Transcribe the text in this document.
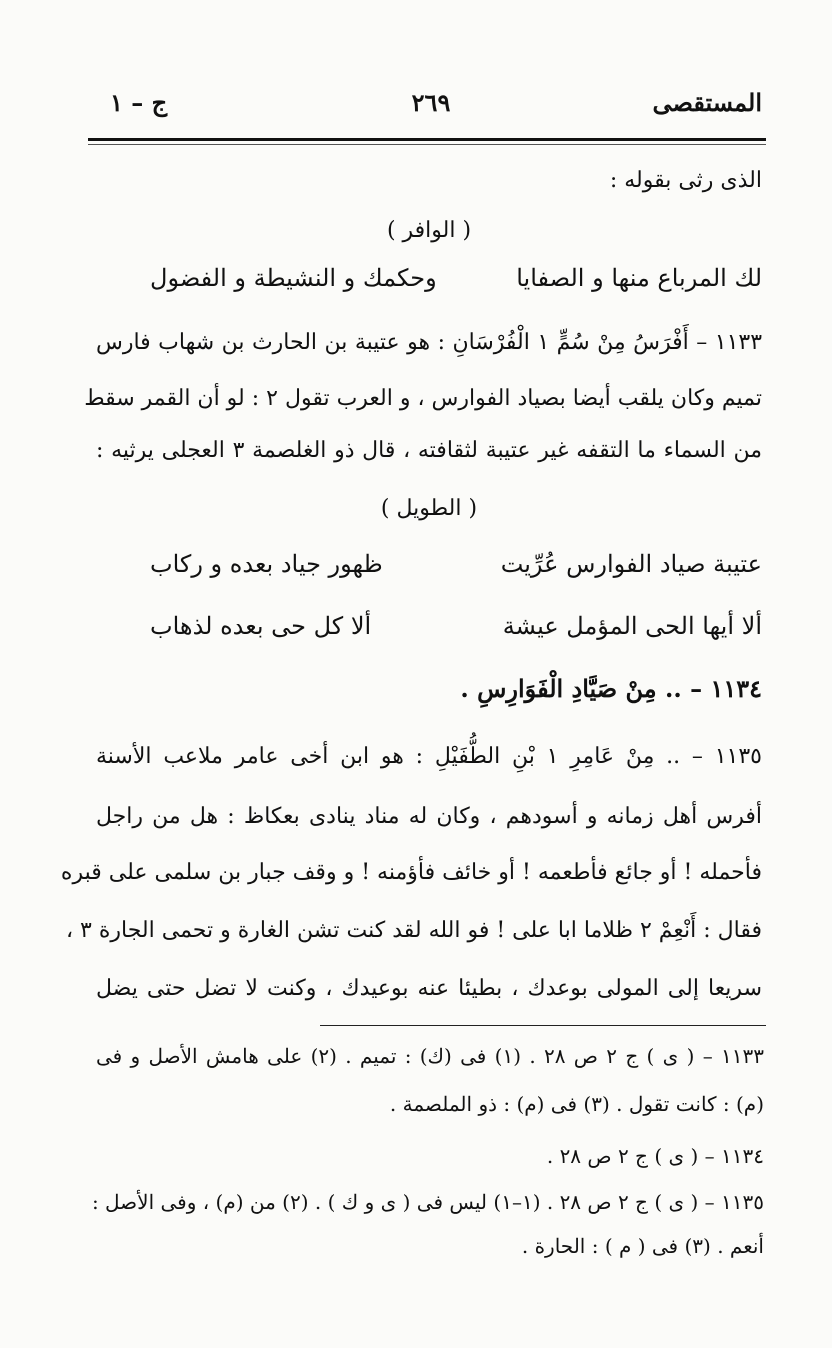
المستقصى
٢٦٩
ج – ١
الذى رثى بقوله :
( الوافر )
لك المرباع منها و الصفايا
وحكمك و النشيطة و الفضول
١١٣٣ – أَفْرَسُ مِنْ سُمٍّ ١ الْفُرْسَانِ : هو عتيبة بن الحارث بن شهاب فارس
تميم وكان يلقب أيضا بصياد الفوارس ، و العرب تقول ٢ : لو أن القمر سقط
من السماء ما التقفه غير عتيبة لثقافته ، قال ذو الغلصمة ٣ العجلى يرثيه :
( الطويل )
عتيبة صياد الفوارس عُرِّيت
ظهور جياد بعده و ركاب
ألا أيها الحى المؤمل عيشة
ألا كل حى بعده لذهاب
١١٣٤ – .. مِنْ صَيَّادِ الْفَوَارِسِ .
١١٣٥ – .. مِنْ عَامِرِ ١ بْنِ الطُّفَيْلِ : هو ابن أخى عامر ملاعب الأسنة
أفرس أهل زمانه و أسودهم ، وكان له مناد ينادى بعكاظ : هل من راجل
فأحمله ! أو جائع فأطعمه ! أو خائف فأؤمنه ! و وقف جبار بن سلمى على قبره
فقال : أَنْعِمْ ٢ ظلاما ابا على ! فو الله لقد كنت تشن الغارة و تحمى الجارة ٣ ،
سريعا إلى المولى بوعدك ، بطيئا عنه بوعيدك ، وكنت لا تضل حتى يضل
١١٣٣ – ( ى ) ج ٢ ص ٢٨ . (١) فى (ك) : تميم . (٢) على هامش الأصل و فى
(م) : كانت تقول . (٣) فى (م) : ذو الملصمة .
١١٣٤ – ( ى ) ج ٢ ص ٢٨ .
١١٣٥ – ( ى ) ج ٢ ص ٢٨ . (١–١) ليس فى ( ى و ك ) . (٢) من (م) ، وفى الأصل :
أنعم . (٣) فى ( م ) : الحارة .
